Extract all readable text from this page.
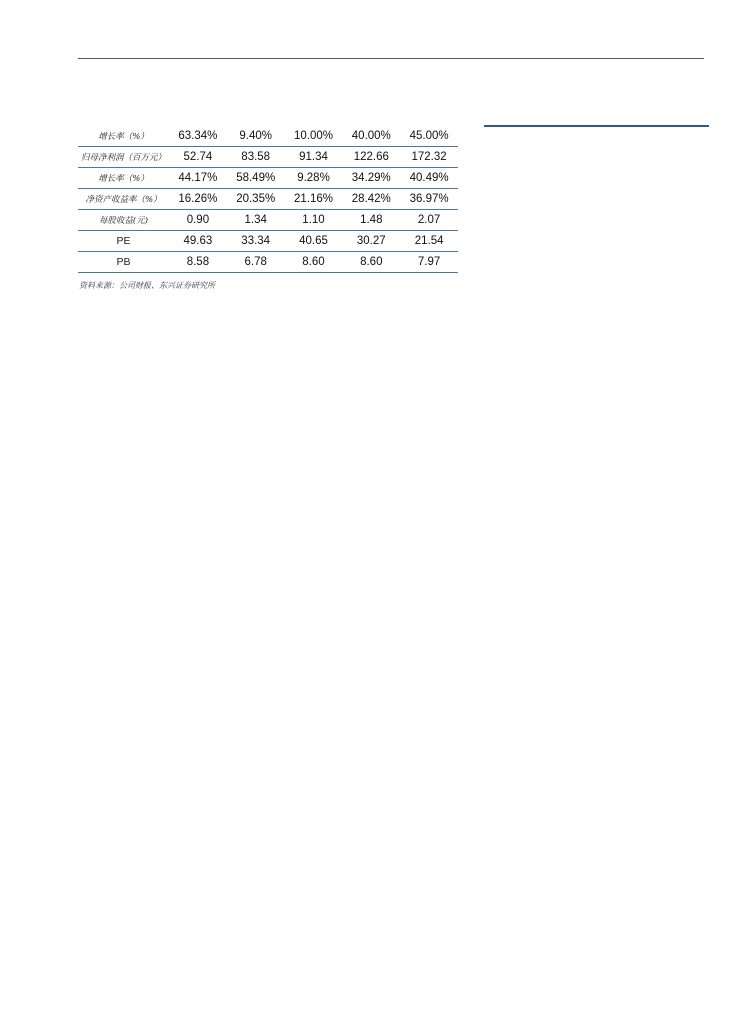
增长率（%）	63.34%	9.40%	10.00%	40.00%	45.00%
归母净利润（百万元）	52.74	83.58	91.34	122.66	172.32
增长率（%）	44.17%	58.49%	9.28%	34.29%	40.49%
净资产收益率（%）	16.26%	20.35%	21.16%	28.42%	36.97%
每股收益(元)	0.90	1.34	1.10	1.48	2.07
PE	49.63	33.34	40.65	30.27	21.54
PB	8.58	6.78	8.60	8.60	7.97
资料来源：公司财报、东兴证券研究所
